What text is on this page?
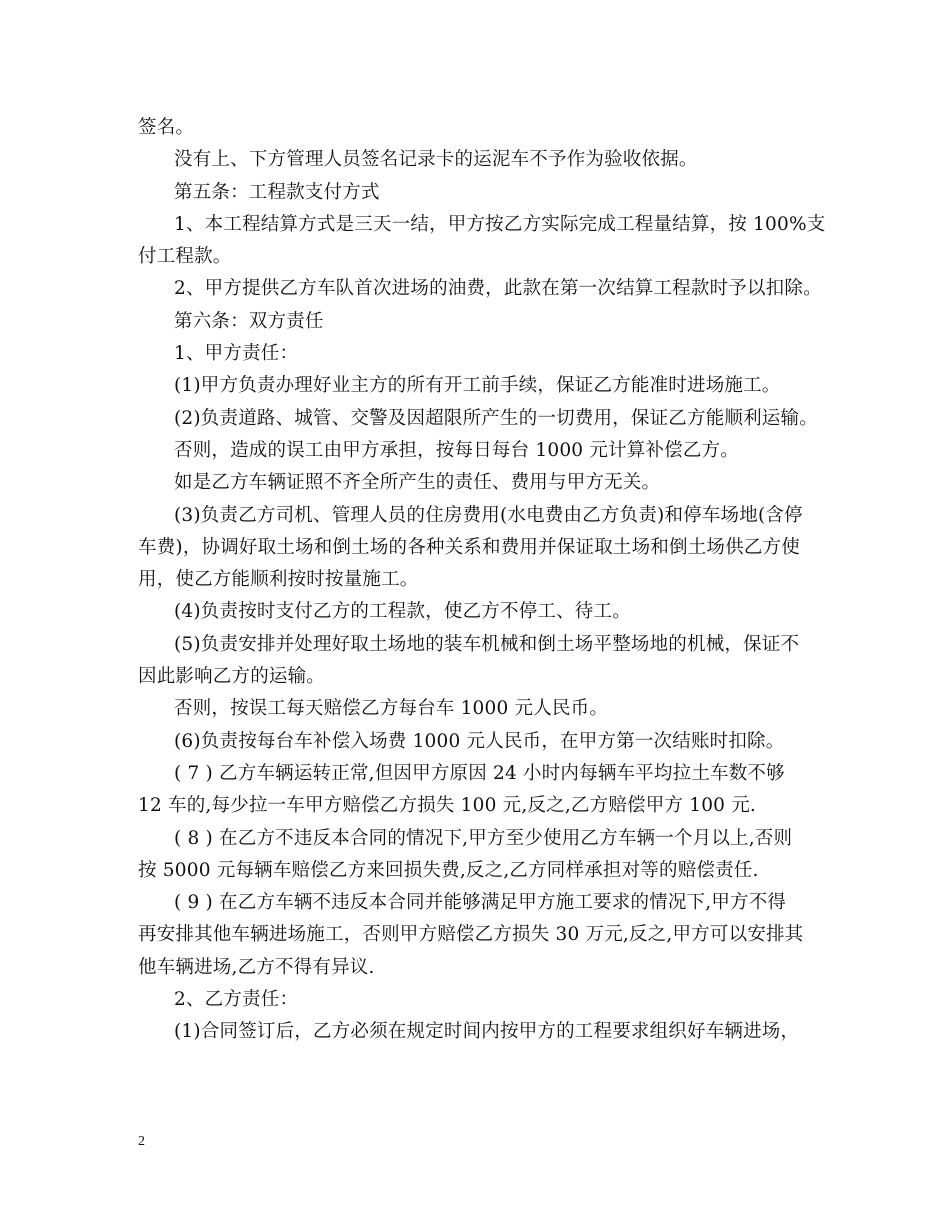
签名。

没有上、下方管理人员签名记录卡的运泥车不予作为验收依据。

第五条：工程款支付方式

1、本工程结算方式是三天一结，甲方按乙方实际完成工程量结算，按 100%支

付工程款。

2、甲方提供乙方车队首次进场的油费，此款在第一次结算工程款时予以扣除。

第六条：双方责任

1、甲方责任：

(1)甲方负责办理好业主方的所有开工前手续，保证乙方能准时进场施工。

(2)负责道路、城管、交警及因超限所产生的一切费用，保证乙方能顺利运输。

否则，造成的误工由甲方承担，按每日每台 1000 元计算补偿乙方。

如是乙方车辆证照不齐全所产生的责任、费用与甲方无关。

(3)负责乙方司机、管理人员的住房费用(水电费由乙方负责)和停车场地(含停

车费)，协调好取土场和倒土场的各种关系和费用并保证取土场和倒土场供乙方使

用，使乙方能顺利按时按量施工。

(4)负责按时支付乙方的工程款，使乙方不停工、待工。

(5)负责安排并处理好取土场地的装车机械和倒土场平整场地的机械，保证不

因此影响乙方的运输。

否则，按误工每天赔偿乙方每台车 1000 元人民币。

(6)负责按每台车补偿入场费 1000 元人民币，在甲方第一次结账时扣除。

( 7 ) 乙方车辆运转正常,但因甲方原因 24 小时内每辆车平均拉土车数不够

12 车的,每少拉一车甲方赔偿乙方损失 100 元,反之,乙方赔偿甲方 100 元.

( 8 ) 在乙方不违反本合同的情况下,甲方至少使用乙方车辆一个月以上,否则

按 5000 元每辆车赔偿乙方来回损失费,反之,乙方同样承担对等的赔偿责任.

( 9 ) 在乙方车辆不违反本合同并能够满足甲方施工要求的情况下,甲方不得

再安排其他车辆进场施工，否则甲方赔偿乙方损失 30 万元,反之,甲方可以安排其

他车辆进场,乙方不得有异议.

2、乙方责任：

(1)合同签订后，乙方必须在规定时间内按甲方的工程要求组织好车辆进场，

2
